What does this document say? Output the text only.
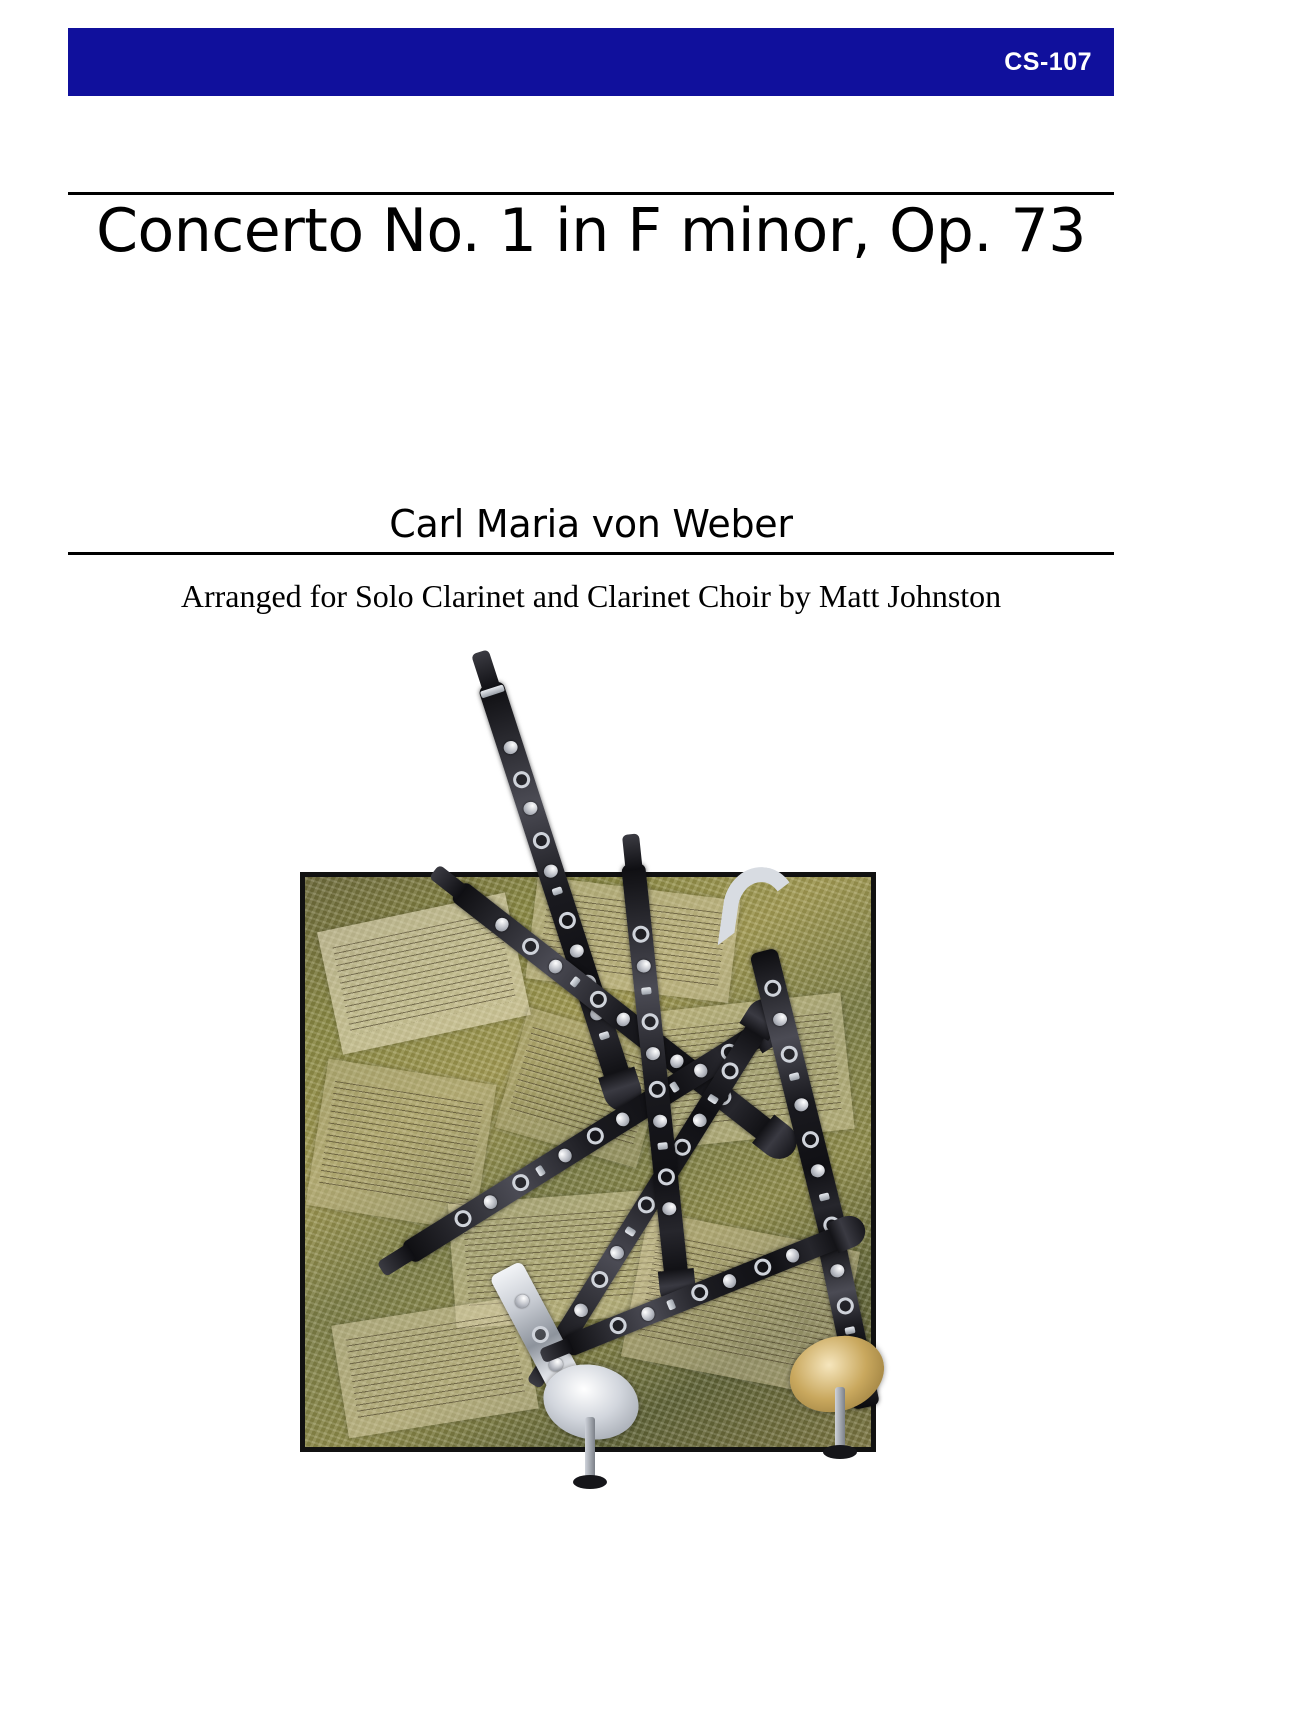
CS-107
Concerto No. 1 in F minor, Op. 73
Carl Maria von Weber
Arranged for Solo Clarinet and Clarinet Choir by Matt Johnston
